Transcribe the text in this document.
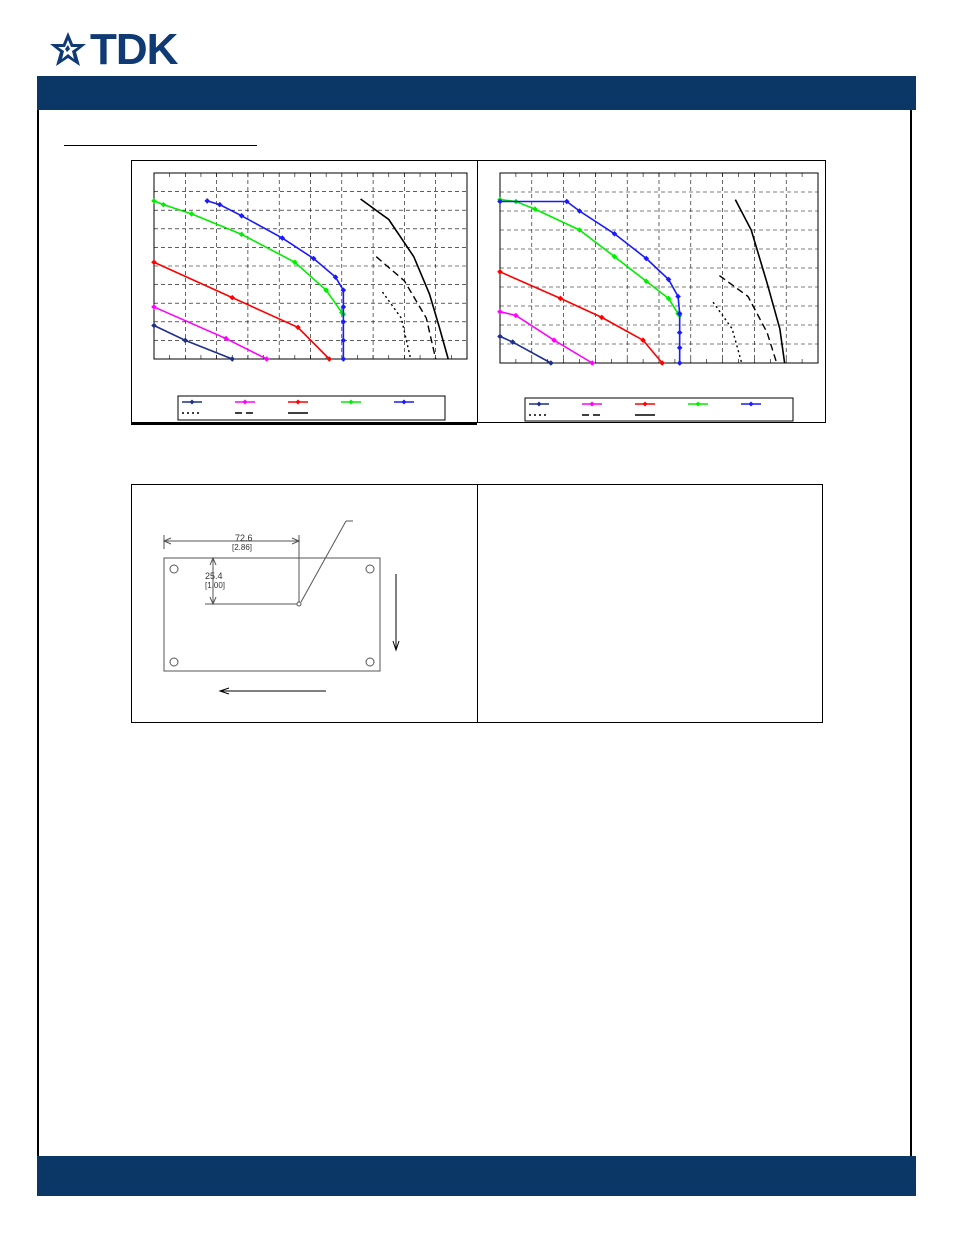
TDK
72.6
[2.86]
25.4
[1.00]
